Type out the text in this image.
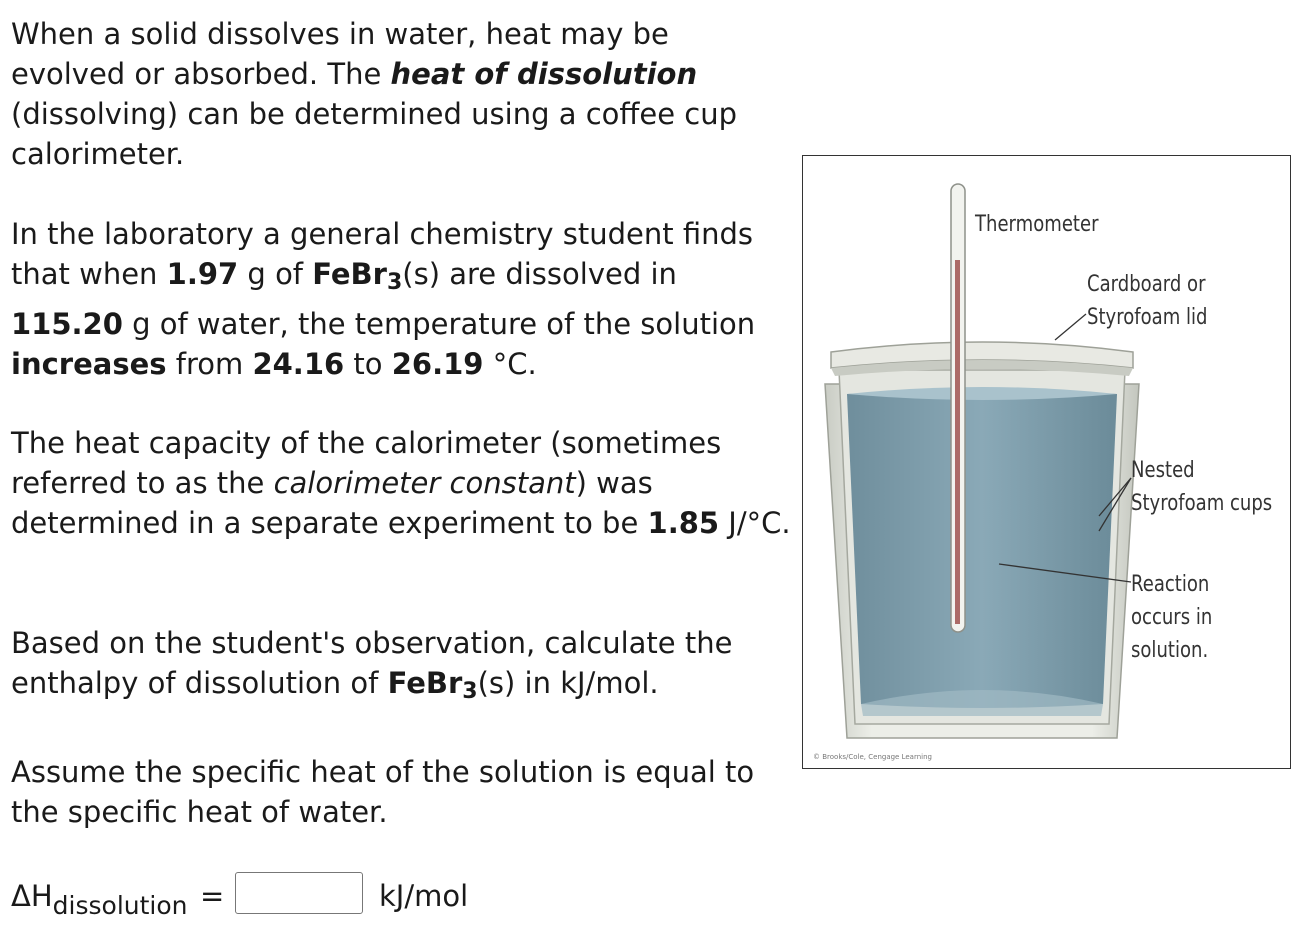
When a solid dissolves in water, heat may be evolved or absorbed. The heat of dissolution (dissolving) can be determined using a coffee cup calorimeter.

In the laboratory a general chemistry student finds that when 1.97 g of FeBr$_3$(s) are dissolved in
115.20 g of water, the temperature of the solution increases from 24.16 to 26.19 °C.

The heat capacity of the calorimeter (sometimes referred to as the calorimeter constant) was determined in a separate experiment to be 1.85 J/°C.

Based on the student's observation, calculate the enthalpy of dissolution of FeBr$_3$(s) in kJ/mol.

Assume the specific heat of the solution is equal to the specific heat of water.

$\Delta H_{dissolution}$ =	kJ/mol
Thermometer
Cardboard or
Styrofoam lid
Nested
Styrofoam cups
Reaction
occurs in
solution.
© Brooks/Cole, Cengage Learning
